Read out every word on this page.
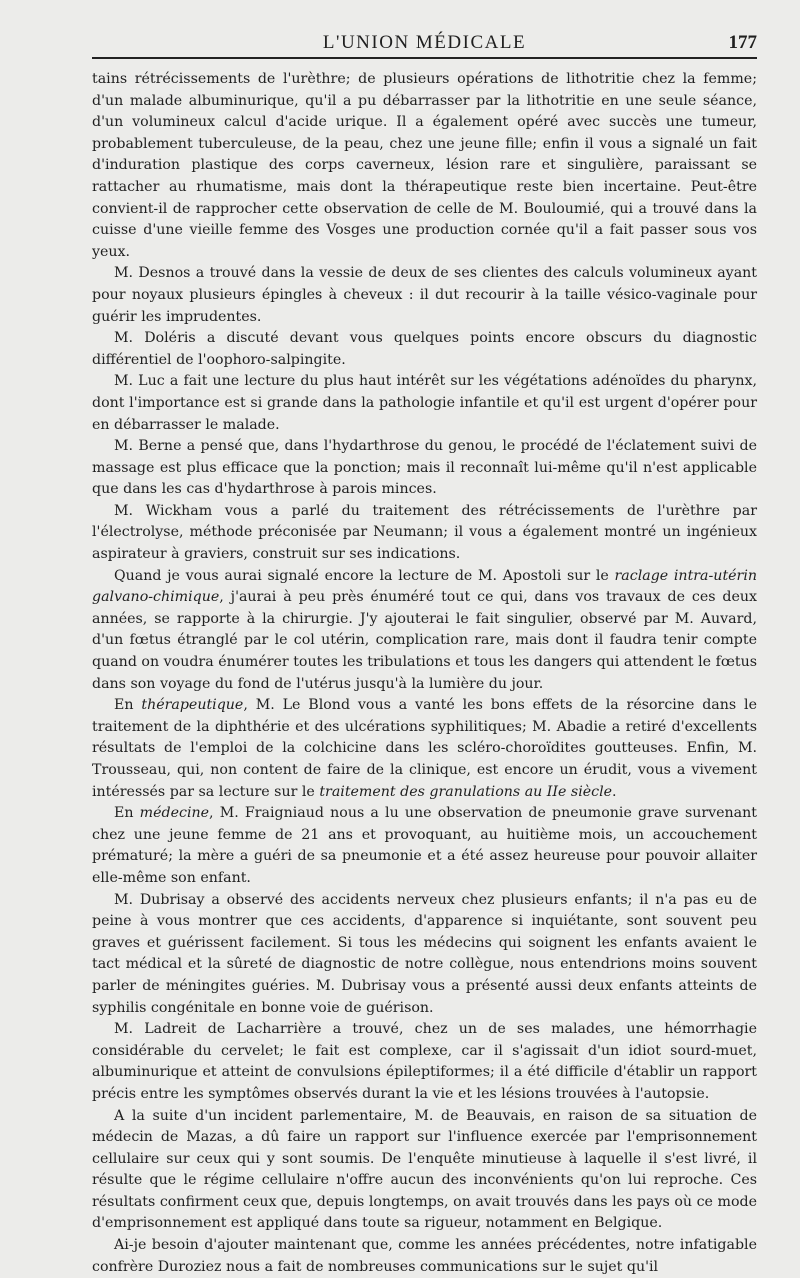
L'UNION MÉDICALE	177

tains rétrécissements de l'urèthre; de plusieurs opérations de lithotritie chez la femme; d'un malade albuminurique, qu'il a pu débarrasser par la lithotritie en une seule séance, d'un volumineux calcul d'acide urique. Il a également opéré avec succès une tumeur, probablement tuberculeuse, de la peau, chez une jeune fille; enfin il vous a signalé un fait d'induration plastique des corps caverneux, lésion rare et singulière, paraissant se rattacher au rhumatisme, mais dont la thérapeutique reste bien incertaine. Peut-être convient-il de rapprocher cette observation de celle de M. Bouloumié, qui a trouvé dans la cuisse d'une vieille femme des Vosges une production cornée qu'il a fait passer sous vos yeux.

M. Desnos a trouvé dans la vessie de deux de ses clientes des calculs volumineux ayant pour noyaux plusieurs épingles à cheveux : il dut recourir à la taille vésico-vaginale pour guérir les imprudentes.

M. Doléris a discuté devant vous quelques points encore obscurs du diagnostic différentiel de l'oophoro-salpingite.

M. Luc a fait une lecture du plus haut intérêt sur les végétations adénoïdes du pharynx, dont l'importance est si grande dans la pathologie infantile et qu'il est urgent d'opérer pour en débarrasser le malade.

M. Berne a pensé que, dans l'hydarthrose du genou, le procédé de l'éclatement suivi de massage est plus efficace que la ponction; mais il reconnaît lui-même qu'il n'est applicable que dans les cas d'hydarthrose à parois minces.

M. Wickham vous a parlé du traitement des rétrécissements de l'urèthre par l'électrolyse, méthode préconisée par Neumann; il vous a également montré un ingénieux aspirateur à graviers, construit sur ses indications.

Quand je vous aurai signalé encore la lecture de M. Apostoli sur le raclage intra-utérin galvano-chimique, j'aurai à peu près énuméré tout ce qui, dans vos travaux de ces deux années, se rapporte à la chirurgie. J'y ajouterai le fait singulier, observé par M. Auvard, d'un fœtus étranglé par le col utérin, complication rare, mais dont il faudra tenir compte quand on voudra énumérer toutes les tribulations et tous les dangers qui attendent le fœtus dans son voyage du fond de l'utérus jusqu'à la lumière du jour.

En thérapeutique, M. Le Blond vous a vanté les bons effets de la résorcine dans le traitement de la diphthérie et des ulcérations syphilitiques; M. Abadie a retiré d'excellents résultats de l'emploi de la colchicine dans les scléro-choroïdites goutteuses. Enfin, M. Trousseau, qui, non content de faire de la clinique, est encore un érudit, vous a vivement intéressés par sa lecture sur le traitement des granulations au IIe siècle.

En médecine, M. Fraigniaud nous a lu une observation de pneumonie grave survenant chez une jeune femme de 21 ans et provoquant, au huitième mois, un accouchement prématuré; la mère a guéri de sa pneumonie et a été assez heureuse pour pouvoir allaiter elle-même son enfant.

M. Dubrisay a observé des accidents nerveux chez plusieurs enfants; il n'a pas eu de peine à vous montrer que ces accidents, d'apparence si inquiétante, sont souvent peu graves et guérissent facilement. Si tous les médecins qui soignent les enfants avaient le tact médical et la sûreté de diagnostic de notre collègue, nous entendrions moins souvent parler de méningites guéries. M. Dubrisay vous a présenté aussi deux enfants atteints de syphilis congénitale en bonne voie de guérison.

M. Ladreit de Lacharrière a trouvé, chez un de ses malades, une hémorrhagie considérable du cervelet; le fait est complexe, car il s'agissait d'un idiot sourd-muet, albuminurique et atteint de convulsions épileptiformes; il a été difficile d'établir un rapport précis entre les symptômes observés durant la vie et les lésions trouvées à l'autopsie.

A la suite d'un incident parlementaire, M. de Beauvais, en raison de sa situation de médecin de Mazas, a dû faire un rapport sur l'influence exercée par l'emprisonnement cellulaire sur ceux qui y sont soumis. De l'enquête minutieuse à laquelle il s'est livré, il résulte que le régime cellulaire n'offre aucun des inconvénients qu'on lui reproche. Ces résultats confirment ceux que, depuis longtemps, on avait trouvés dans les pays où ce mode d'emprisonnement est appliqué dans toute sa rigueur, notamment en Belgique.

Ai-je besoin d'ajouter maintenant que, comme les années précédentes, notre infatigable confrère Duroziez nous a fait de nombreuses communications sur le sujet qu'il
